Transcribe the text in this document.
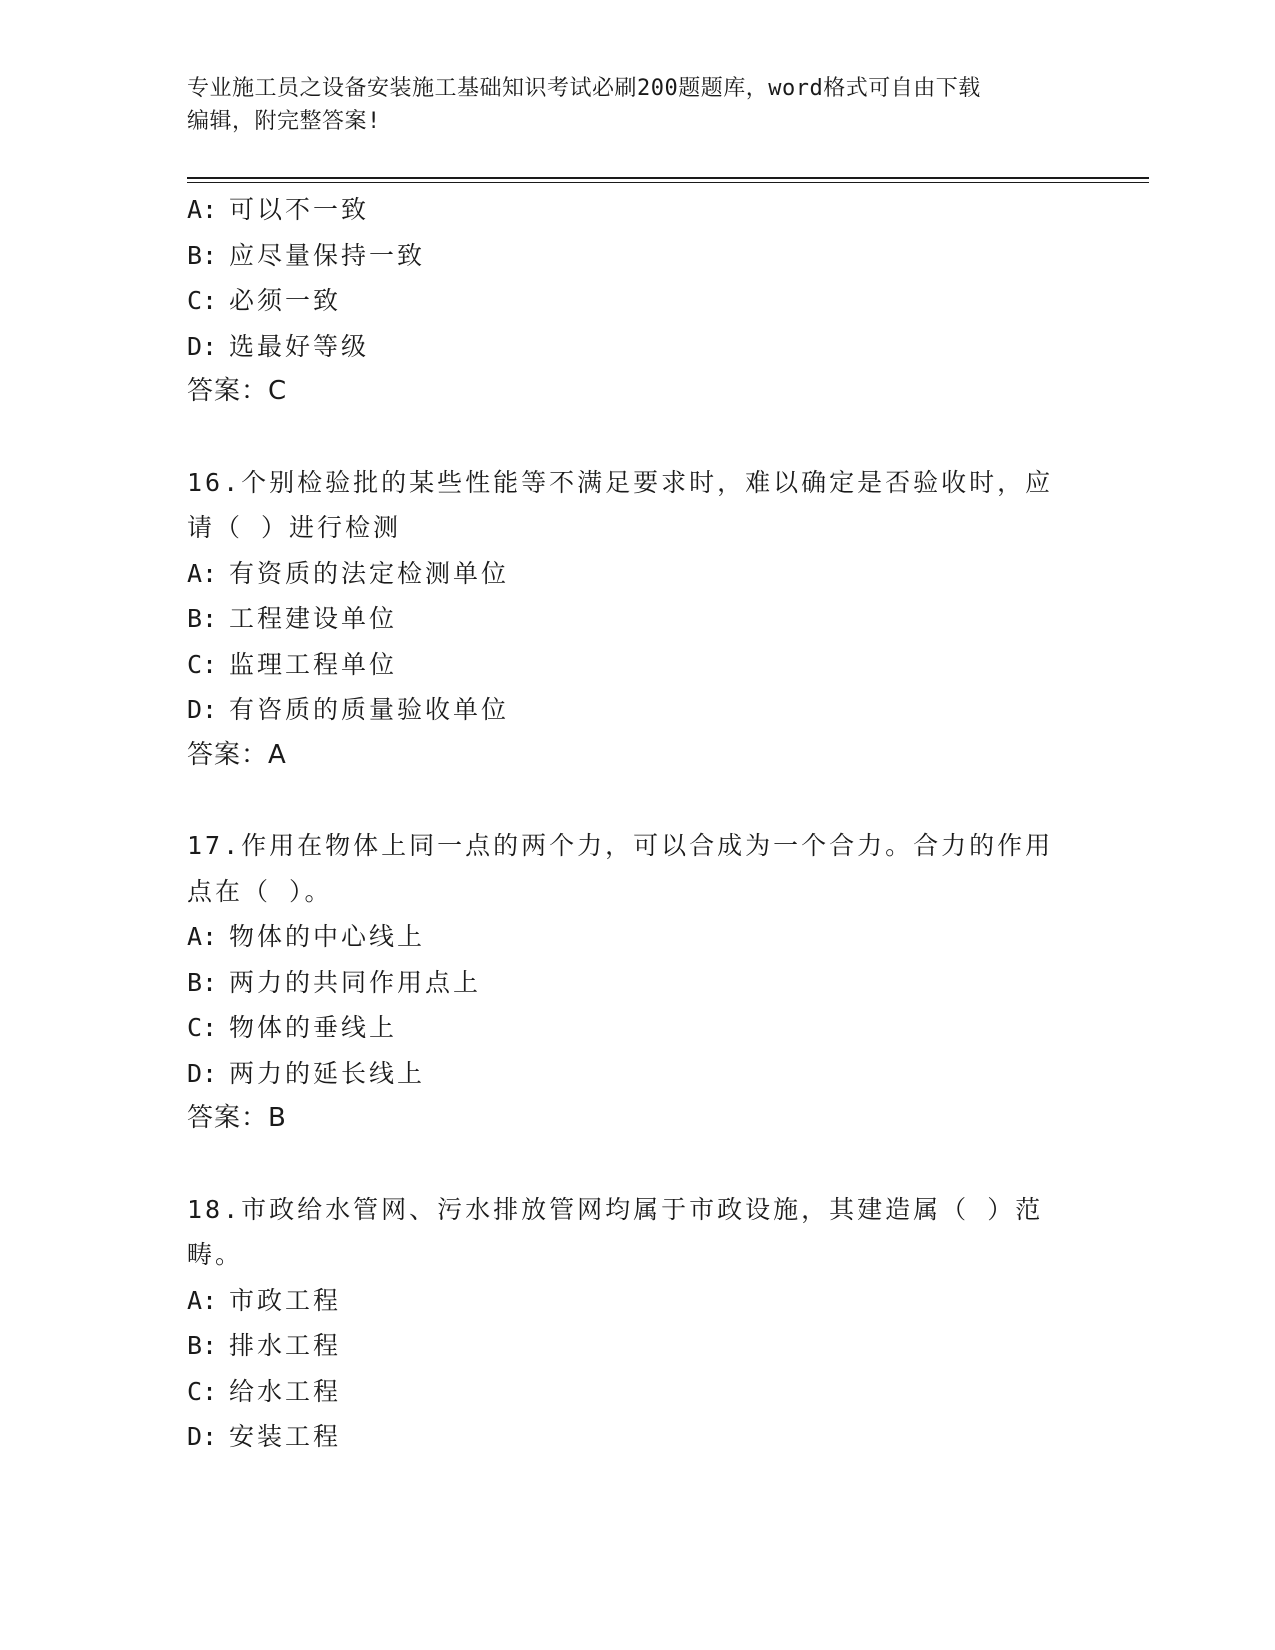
专业施工员之设备安装施工基础知识考试必刷200题题库，word格式可自由下载
编辑，附完整答案!
A: 可以不一致
B: 应尽量保持一致
C: 必须一致
D: 选最好等级
答案：C
16.个别检验批的某些性能等不满足要求时，难以确定是否验收时，应
请（ ）进行检测
A: 有资质的法定检测单位
B: 工程建设单位
C: 监理工程单位
D: 有咨质的质量验收单位
答案：A
17.作用在物体上同一点的两个力，可以合成为一个合力。合力的作用
点在（ ）。
A: 物体的中心线上
B: 两力的共同作用点上
C: 物体的垂线上
D: 两力的延长线上
答案：B
18.市政给水管网、污水排放管网均属于市政设施，其建造属（ ）范
畴。
A: 市政工程
B: 排水工程
C: 给水工程
D: 安装工程
